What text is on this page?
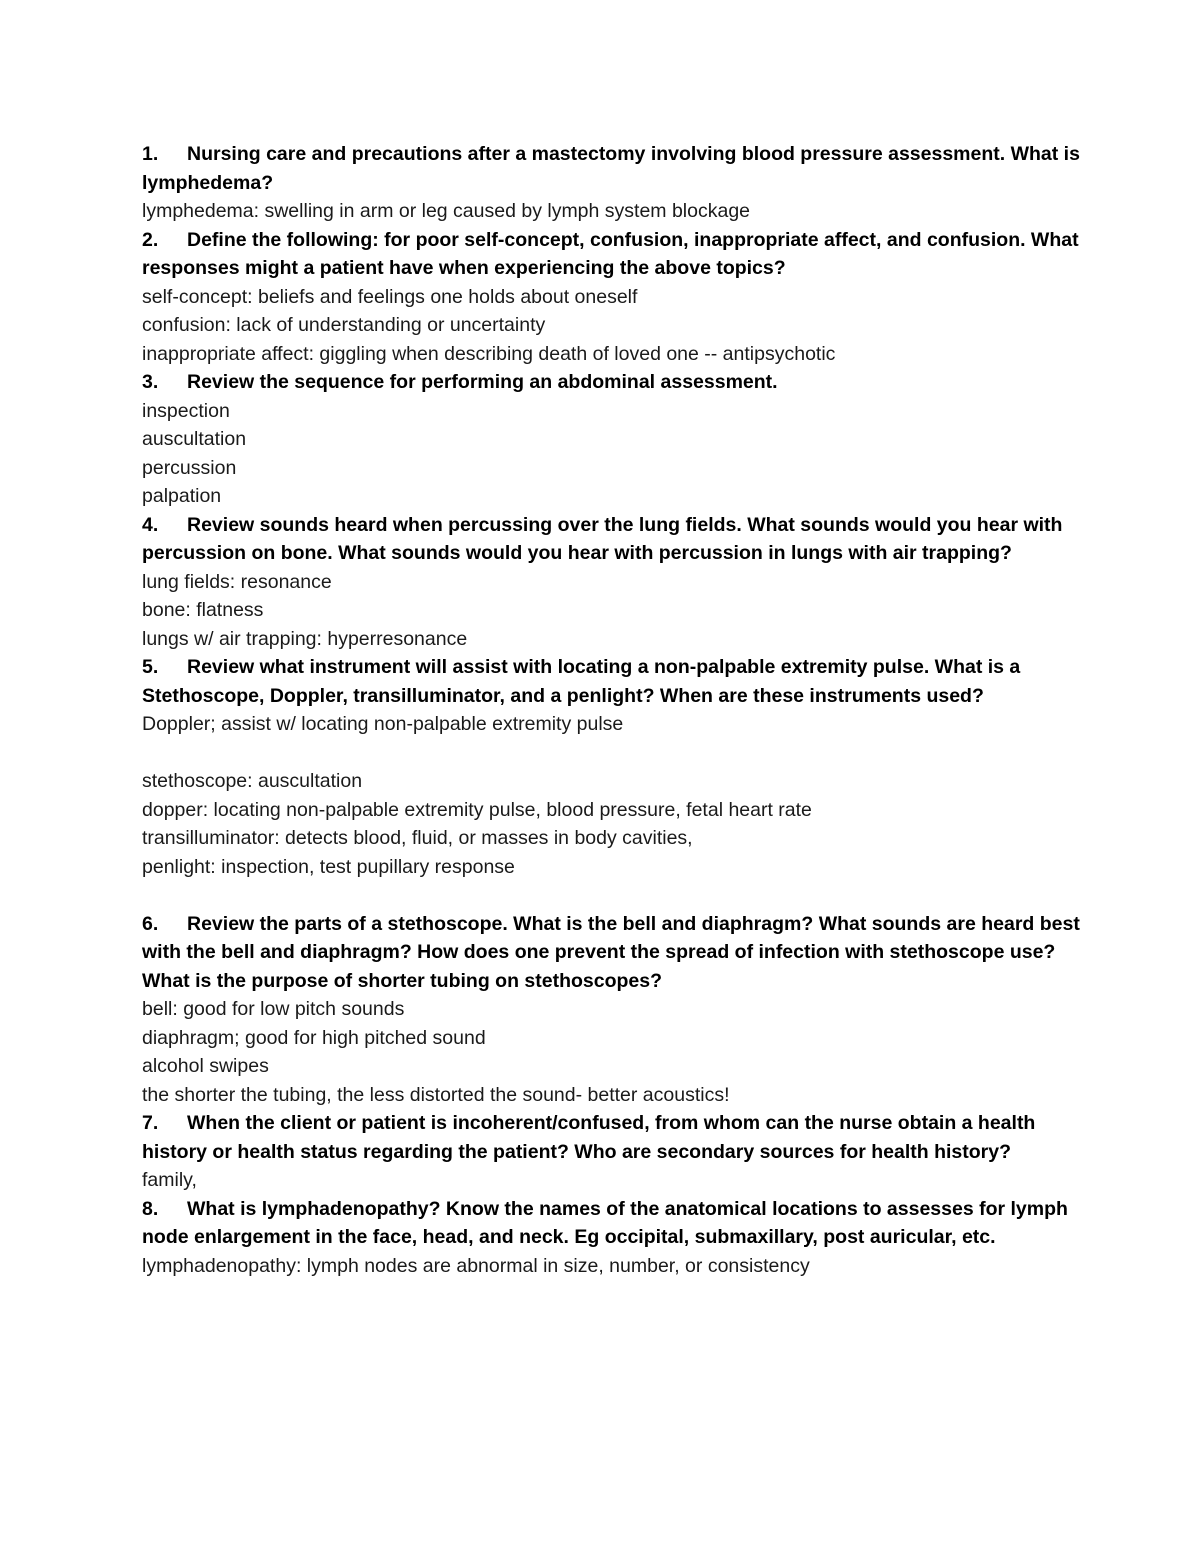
1. Nursing care and precautions after a mastectomy involving blood pressure assessment. What is lymphedema?

lymphedema: swelling in arm or leg caused by lymph system blockage

2. Define the following: for poor self-concept, confusion, inappropriate affect, and confusion. What responses might a patient have when experiencing the above topics?

self-concept: beliefs and feelings one holds about oneself

confusion: lack of understanding or uncertainty

inappropriate affect: giggling when describing death of loved one -- antipsychotic

3. Review the sequence for performing an abdominal assessment.

inspection

auscultation

percussion

palpation

4. Review sounds heard when percussing over the lung fields. What sounds would you hear with percussion on bone. What sounds would you hear with percussion in lungs with air trapping?

lung fields: resonance

bone: flatness

lungs w/ air trapping: hyperresonance

5. Review what instrument will assist with locating a non-palpable extremity pulse. What is a Stethoscope, Doppler, transilluminator, and a penlight? When are these instruments used?

Doppler; assist w/ locating non-palpable extremity pulse

stethoscope: auscultation

dopper: locating non-palpable extremity pulse, blood pressure, fetal heart rate

transilluminator: detects blood, fluid, or masses in body cavities,

penlight: inspection, test pupillary response

6. Review the parts of a stethoscope. What is the bell and diaphragm? What sounds are heard best with the bell and diaphragm? How does one prevent the spread of infection with stethoscope use? What is the purpose of shorter tubing on stethoscopes?

bell: good for low pitch sounds

diaphragm; good for high pitched sound

alcohol swipes

the shorter the tubing, the less distorted the sound- better acoustics!

7. When the client or patient is incoherent/confused, from whom can the nurse obtain a health history or health status regarding the patient? Who are secondary sources for health history?

family,

8. What is lymphadenopathy? Know the names of the anatomical locations to assesses for lymph node enlargement in the face, head, and neck. Eg occipital, submaxillary, post auricular, etc.

lymphadenopathy: lymph nodes are abnormal in size, number, or consistency
